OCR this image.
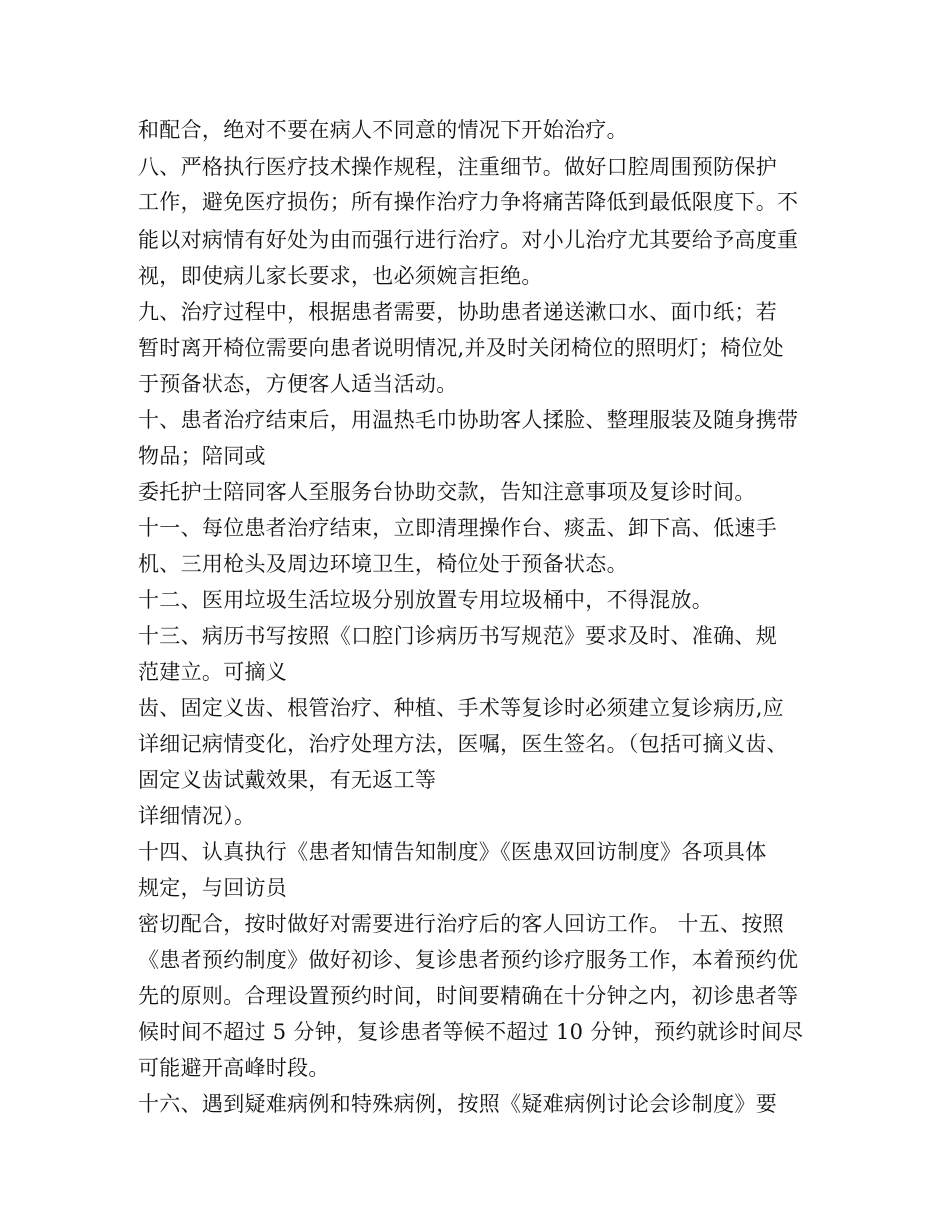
和配合，绝对不要在病人不同意的情况下开始治疗。
八、严格执行医疗技术操作规程，注重细节。做好口腔周围预防保护
工作，避免医疗损伤；所有操作治疗力争将痛苦降低到最低限度下。不
能以对病情有好处为由而强行进行治疗。对小儿治疗尤其要给予高度重
视，即使病儿家长要求，也必须婉言拒绝。
九、治疗过程中，根据患者需要，协助患者递送漱口水、面巾纸；若
暂时离开椅位需要向患者说明情况,并及时关闭椅位的照明灯；椅位处
于预备状态，方便客人适当活动。
十、患者治疗结束后，用温热毛巾协助客人揉脸、整理服装及随身携带
物品；陪同或
委托护士陪同客人至服务台协助交款，告知注意事项及复诊时间。
十一、每位患者治疗结束，立即清理操作台、痰盂、卸下高、低速手
机、三用枪头及周边环境卫生，椅位处于预备状态。
十二、医用垃圾生活垃圾分别放置专用垃圾桶中，不得混放。
十三、病历书写按照《口腔门诊病历书写规范》要求及时、准确、规
范建立。可摘义
齿、固定义齿、根管治疗、种植、手术等复诊时必须建立复诊病历,应
详细记病情变化，治疗处理方法，医嘱，医生签名。（包括可摘义齿、
固定义齿试戴效果，有无返工等
详细情况）。
十四、认真执行《患者知情告知制度》《医患双回访制度》各项具体
规定，与回访员
密切配合，按时做好对需要进行治疗后的客人回访工作。 十五、按照
《患者预约制度》做好初诊、复诊患者预约诊疗服务工作，本着预约优
先的原则。合理设置预约时间，时间要精确在十分钟之内，初诊患者等
候时间不超过 5 分钟，复诊患者等候不超过 10 分钟，预约就诊时间尽
可能避开高峰时段。
十六、遇到疑难病例和特殊病例，按照《疑难病例讨论会诊制度》要
